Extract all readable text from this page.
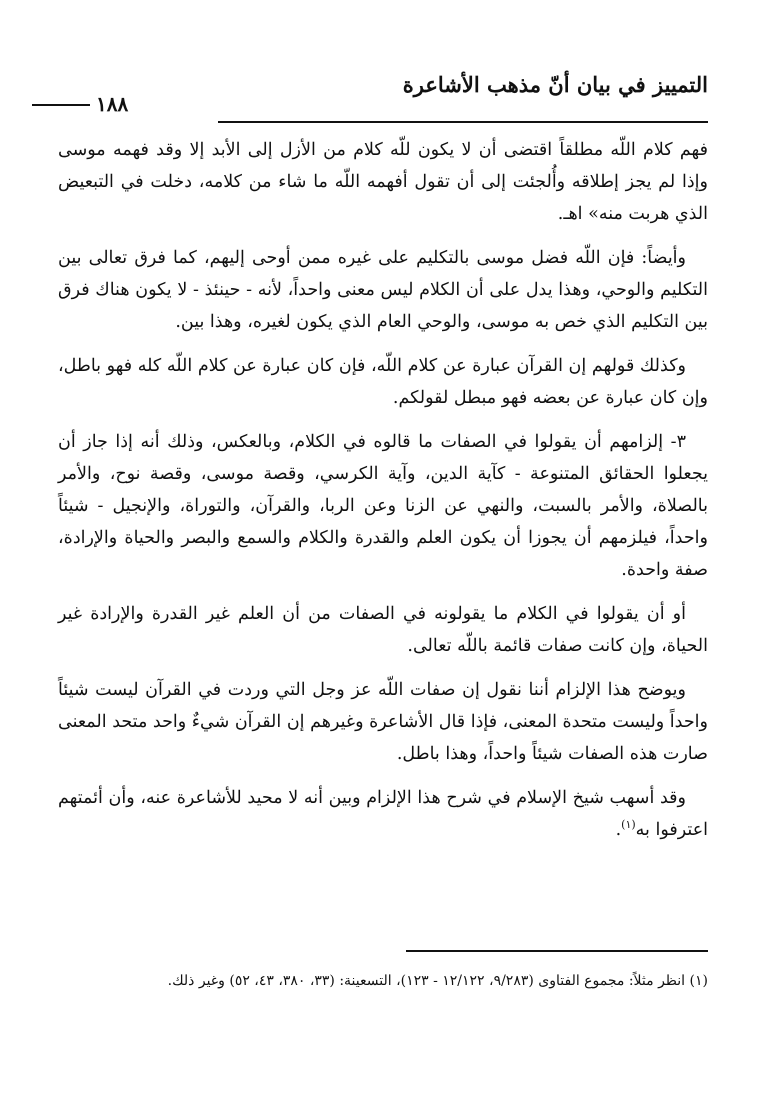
التمييز في بيان أنّ مذهب الأشاعرة
١٨٨

فهم كلام اللّه مطلقاً اقتضى أن لا يكون للّه كلام من الأزل إلى الأبد إلا وقد فهمه موسى وإذا لم يجز إطلاقه وأُلجئت إلى أن تقول أفهمه اللّه ما شاء من كلامه، دخلت في التبعيض الذي هربت منه» اهـ.

وأيضاً: فإن اللّه فضل موسى بالتكليم على غيره ممن أوحى إليهم، كما فرق تعالى بين التكليم والوحي، وهذا يدل على أن الكلام ليس معنى واحداً، لأنه - حينئذ - لا يكون هناك فرق بين التكليم الذي خص به موسى، والوحي العام الذي يكون لغيره، وهذا بين.

وكذلك قولهم إن القرآن عبارة عن كلام اللّه، فإن كان عبارة عن كلام اللّه كله فهو باطل، وإن كان عبارة عن بعضه فهو مبطل لقولكم.

٣- إلزامهم أن يقولوا في الصفات ما قالوه في الكلام، وبالعكس، وذلك أنه إذا جاز أن يجعلوا الحقائق المتنوعة - كآية الدين، وآية الكرسي، وقصة موسى، وقصة نوح، والأمر بالصلاة، والأمر بالسبت، والنهي عن الزنا وعن الربا، والقرآن، والتوراة، والإنجيل - شيئاً واحداً، فيلزمهم أن يجوزا أن يكون العلم والقدرة والكلام والسمع والبصر والحياة والإرادة، صفة واحدة.

أو أن يقولوا في الكلام ما يقولونه في الصفات من أن العلم غير القدرة والإرادة غير الحياة، وإن كانت صفات قائمة باللّه تعالى.

ويوضح هذا الإلزام أننا نقول إن صفات اللّه عز وجل التي وردت في القرآن ليست شيئاً واحداً وليست متحدة المعنى، فإذا قال الأشاعرة وغيرهم إن القرآن شيءٌ واحد متحد المعنى صارت هذه الصفات شيئاً واحداً، وهذا باطل.

وقد أسهب شيخ الإسلام في شرح هذا الإلزام وبين أنه لا محيد للأشاعرة عنه، وأن أئمتهم اعترفوا به$^{(١)}$.

(١) انظر مثلاً: مجموع الفتاوى (٩/٢٨٣، ١٢/١٢٢ - ١٢٣)، التسعينة: (٣٣، ٣٨٠، ٤٣، ٥٢) وغير ذلك.
